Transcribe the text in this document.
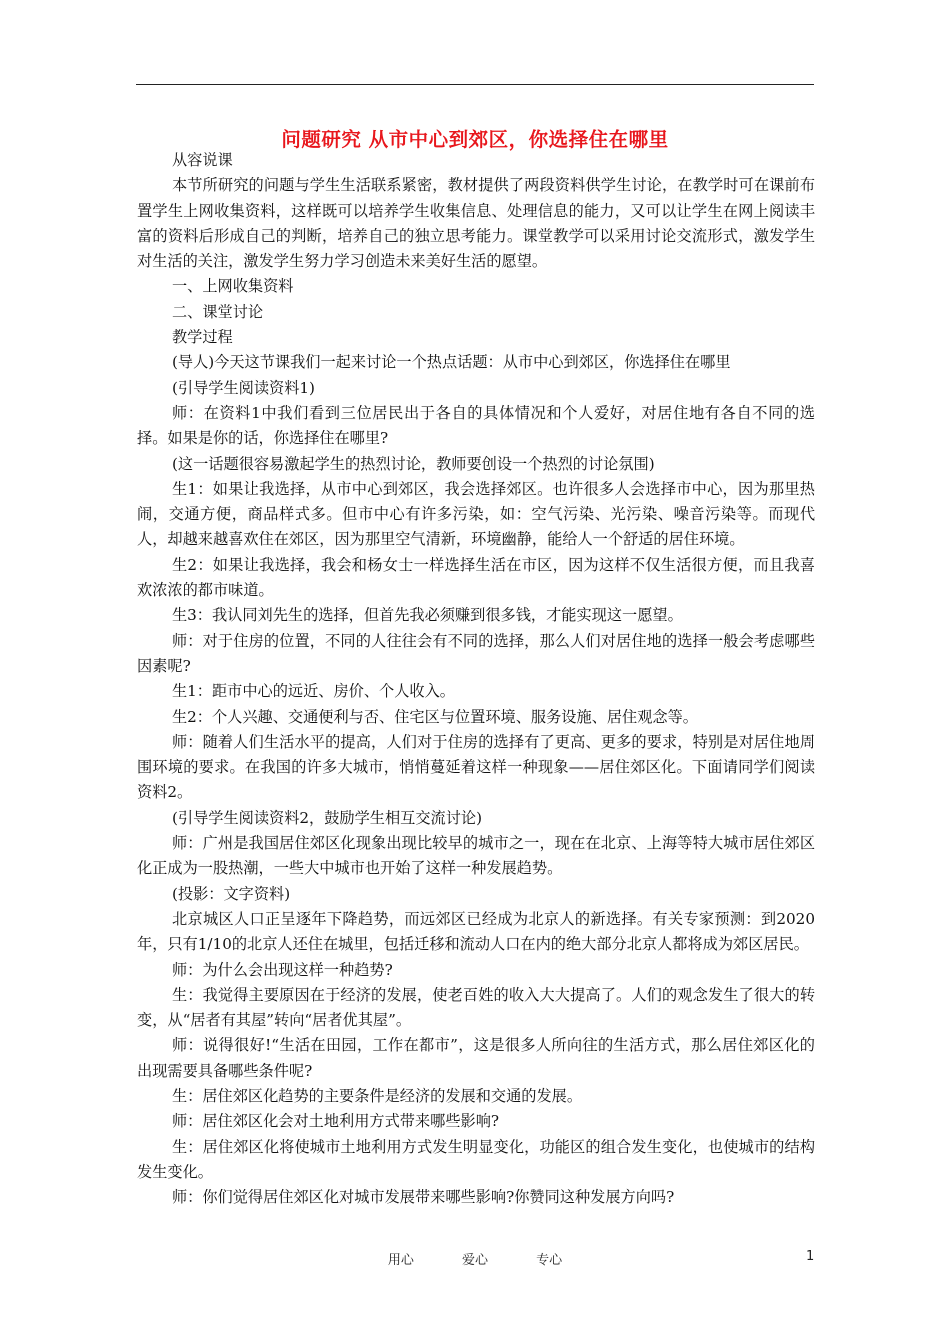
问题研究 从市中心到郊区，你选择住在哪里

从容说课

本节所研究的问题与学生生活联系紧密，教材提供了两段资料供学生讨论，在教学时可在课前布置学生上网收集资料，这样既可以培养学生收集信息、处理信息的能力，又可以让学生在网上阅读丰富的资料后形成自己的判断，培养自己的独立思考能力。课堂教学可以采用讨论交流形式，激发学生对生活的关注，激发学生努力学习创造未来美好生活的愿望。

一、上网收集资料

二、课堂讨论

教学过程

(导人)今天这节课我们一起来讨论一个热点话题：从市中心到郊区，你选择住在哪里

(引导学生阅读资料1)

师：在资料1中我们看到三位居民出于各自的具体情况和个人爱好，对居住地有各自不同的选择。如果是你的话，你选择住在哪里?

(这一话题很容易激起学生的热烈讨论，教师要创设一个热烈的讨论氛围)

生1：如果让我选择，从市中心到郊区，我会选择郊区。也许很多人会选择市中心，因为那里热闹，交通方便，商品样式多。但市中心有许多污染，如：空气污染、光污染、噪音污染等。而现代人，却越来越喜欢住在郊区，因为那里空气清新，环境幽静，能给人一个舒适的居住环境。

生2：如果让我选择，我会和杨女士一样选择生活在市区，因为这样不仅生活很方便，而且我喜欢浓浓的都市味道。

生3：我认同刘先生的选择，但首先我必须赚到很多钱，才能实现这一愿望。

师：对于住房的位置，不同的人往往会有不同的选择，那么人们对居住地的选择一般会考虑哪些因素呢?

生1：距市中心的远近、房价、个人收入。

生2：个人兴趣、交通便利与否、住宅区与位置环境、服务设施、居住观念等。

师：随着人们生活水平的提高，人们对于住房的选择有了更高、更多的要求，特别是对居住地周围环境的要求。在我国的许多大城市，悄悄蔓延着这样一种现象——居住郊区化。下面请同学们阅读资料2。

(引导学生阅读资料2，鼓励学生相互交流讨论)

师：广州是我国居住郊区化现象出现比较早的城市之一，现在在北京、上海等特大城市居住郊区化正成为一股热潮，一些大中城市也开始了这样一种发展趋势。

(投影：文字资料)

北京城区人口正呈逐年下降趋势，而远郊区已经成为北京人的新选择。有关专家预测：到2020年，只有1/10的北京人还住在城里，包括迁移和流动人口在内的绝大部分北京人都将成为郊区居民。

师：为什么会出现这样一种趋势?

生：我觉得主要原因在于经济的发展，使老百姓的收入大大提高了。人们的观念发生了很大的转变，从“居者有其屋”转向“居者优其屋”。

师：说得很好!“生活在田园，工作在都市”，这是很多人所向往的生活方式，那么居住郊区化的出现需要具备哪些条件呢?

生：居住郊区化趋势的主要条件是经济的发展和交通的发展。

师：居住郊区化会对土地利用方式带来哪些影响?

生：居住郊区化将使城市土地利用方式发生明显变化，功能区的组合发生变化，也使城市的结构发生变化。

师：你们觉得居住郊区化对城市发展带来哪些影响?你赞同这种发展方向吗?

用心	爱心	专心	1
